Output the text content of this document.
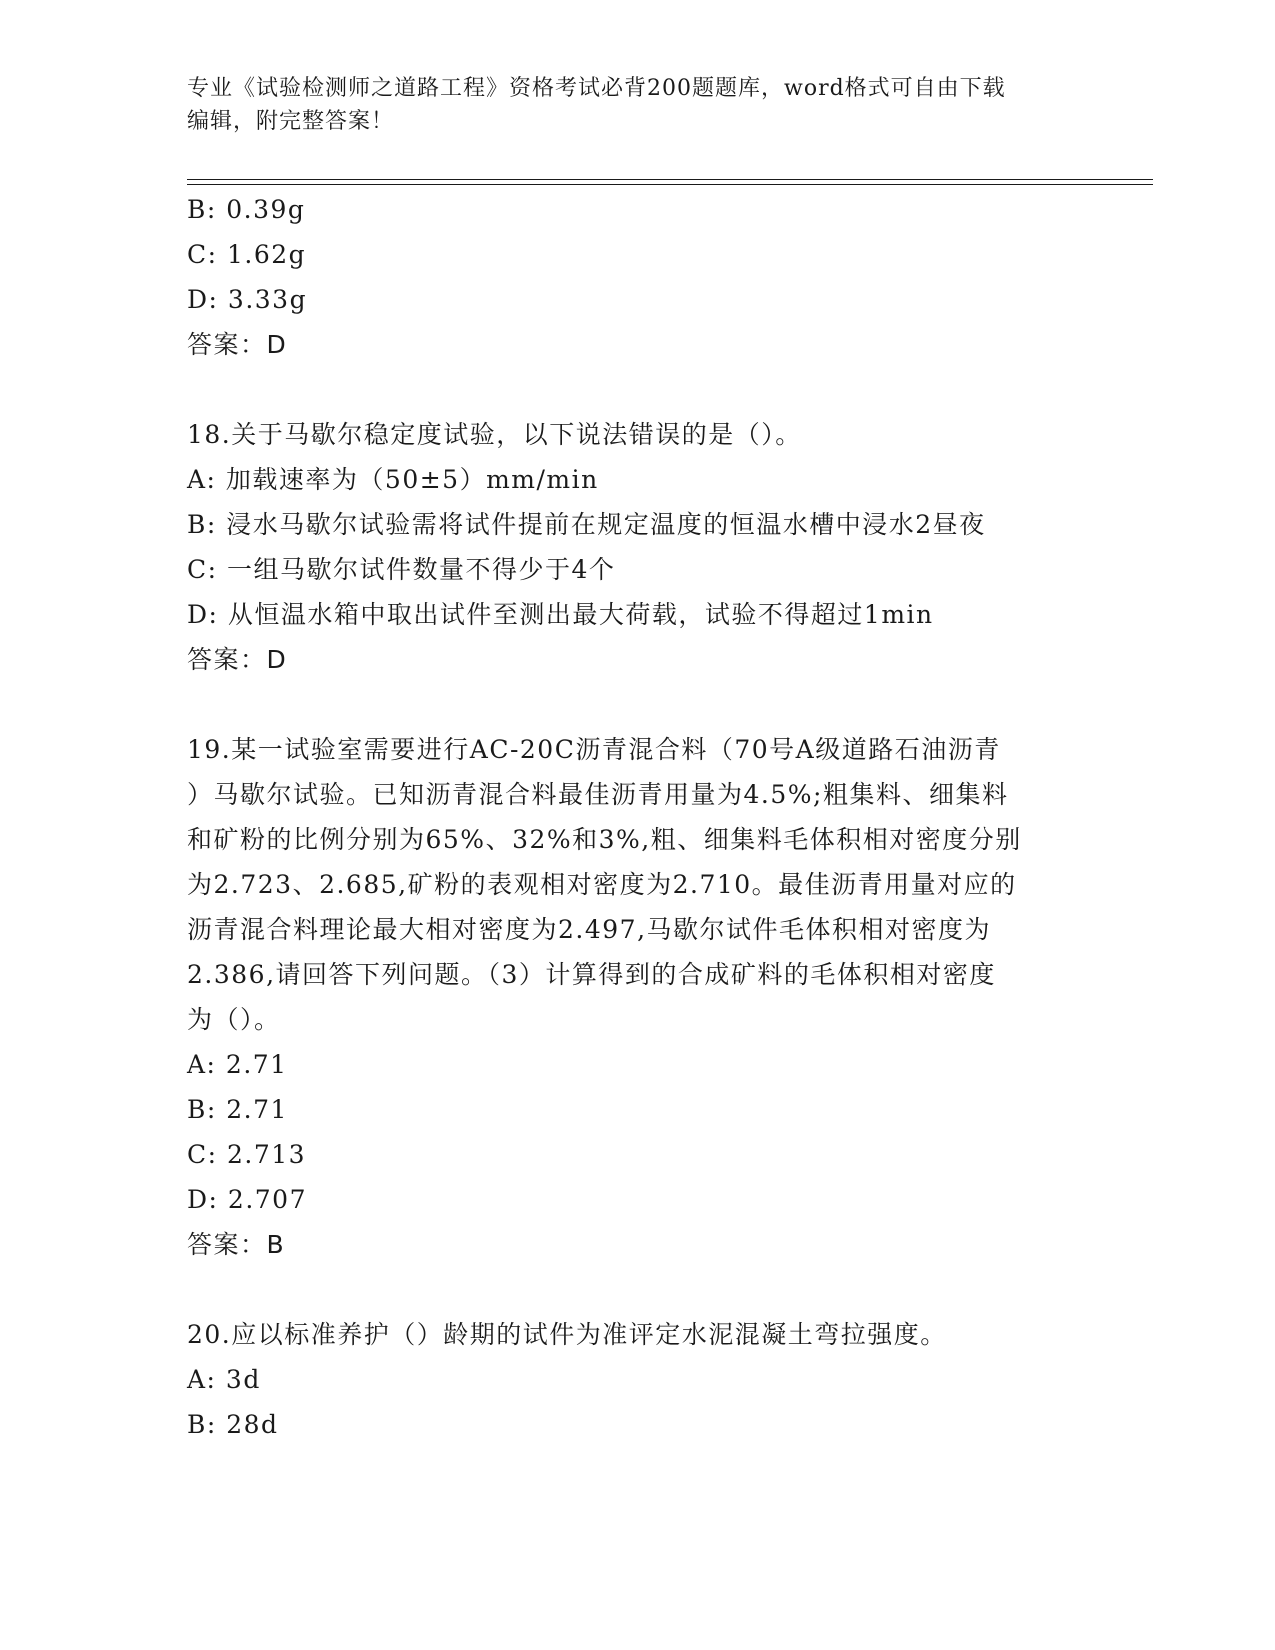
专业《试验检测师之道路工程》资格考试必背200题题库，word格式可自由下载
编辑，附完整答案！
B: 0.39g
C: 1.62g
D: 3.33g
答案：D
18.关于马歇尔稳定度试验，以下说法错误的是（）。
A: 加载速率为（50±5）mm/min
B: 浸水马歇尔试验需将试件提前在规定温度的恒温水槽中浸水2昼夜
C: 一组马歇尔试件数量不得少于4个
D: 从恒温水箱中取出试件至测出最大荷载，试验不得超过1min
答案：D
19.某一试验室需要进行AC-20C沥青混合料（70号A级道路石油沥青
）马歇尔试验。已知沥青混合料最佳沥青用量为4.5%;粗集料、细集料
和矿粉的比例分别为65%、32%和3%,粗、细集料毛体积相对密度分别
为2.723、2.685,矿粉的表观相对密度为2.710。最佳沥青用量对应的
沥青混合料理论最大相对密度为2.497,马歇尔试件毛体积相对密度为
2.386,请回答下列问题。（3）计算得到的合成矿料的毛体积相对密度
为（）。
A: 2.71
B: 2.71
C: 2.713
D: 2.707
答案：B
20.应以标准养护（）龄期的试件为准评定水泥混凝土弯拉强度。
A: 3d
B: 28d
